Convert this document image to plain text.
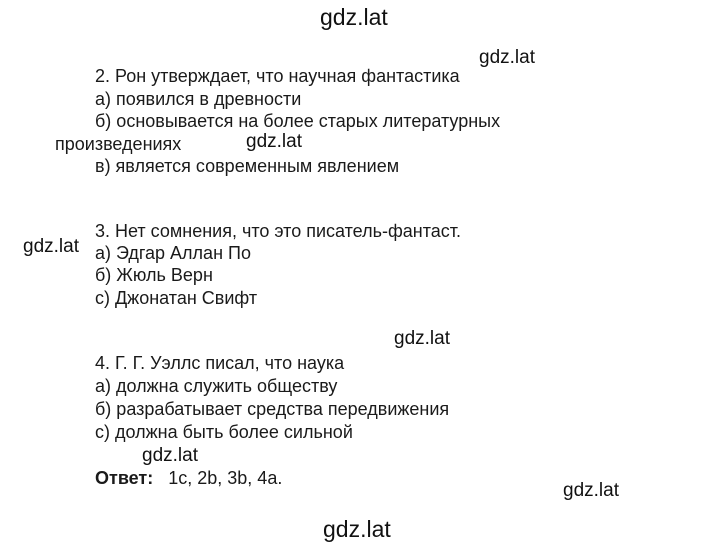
gdz.lat
gdz.lat
gdz.lat
gdz.lat
gdz.lat
gdz.lat
gdz.lat
gdz.lat
2. Рон утверждает, что научная фантастика
а) появился в древности
б) основывается на более старых литературных
произведениях
в) является современным явлением
3. Нет сомнения, что это писатель-фантаст.
а) Эдгар Аллан По
б) Жюль Верн
с) Джонатан Свифт
4. Г. Г. Уэллс писал, что наука
а) должна служить обществу
б) разрабатывает средства передвижения
с) должна быть более сильной
Ответ: 1c, 2b, 3b, 4a.
